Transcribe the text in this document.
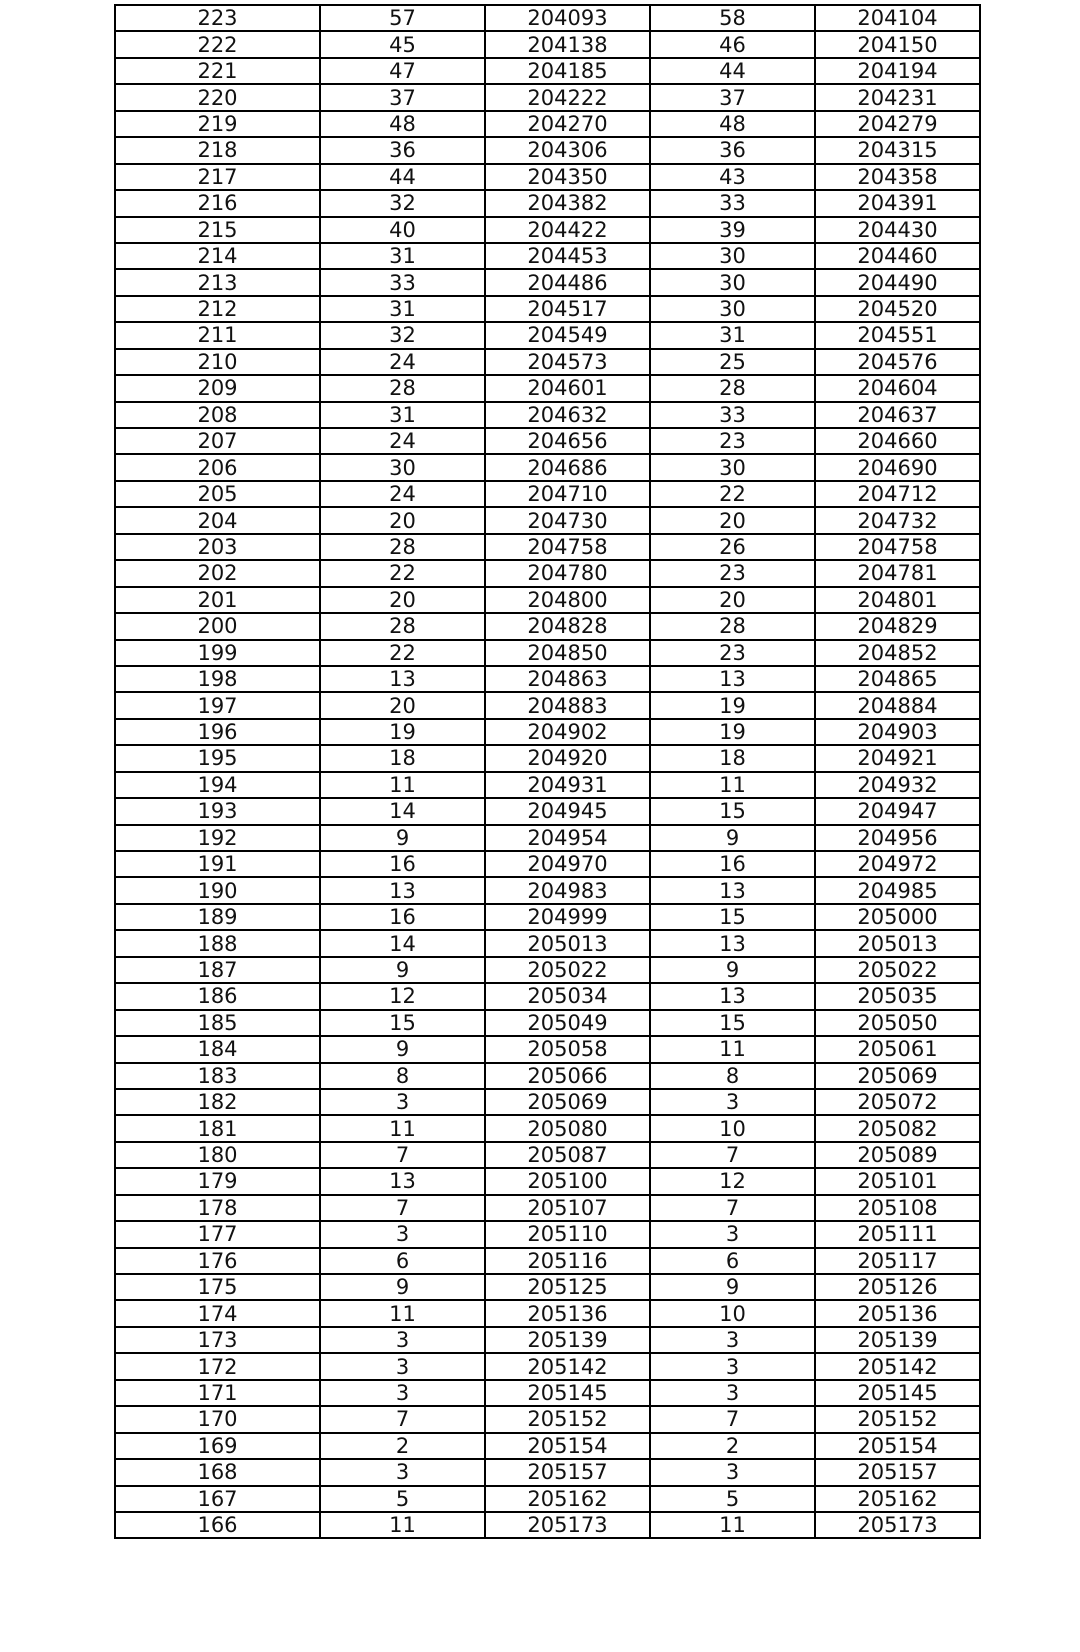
223	57	204093	58	204104
222	45	204138	46	204150
221	47	204185	44	204194
220	37	204222	37	204231
219	48	204270	48	204279
218	36	204306	36	204315
217	44	204350	43	204358
216	32	204382	33	204391
215	40	204422	39	204430
214	31	204453	30	204460
213	33	204486	30	204490
212	31	204517	30	204520
211	32	204549	31	204551
210	24	204573	25	204576
209	28	204601	28	204604
208	31	204632	33	204637
207	24	204656	23	204660
206	30	204686	30	204690
205	24	204710	22	204712
204	20	204730	20	204732
203	28	204758	26	204758
202	22	204780	23	204781
201	20	204800	20	204801
200	28	204828	28	204829
199	22	204850	23	204852
198	13	204863	13	204865
197	20	204883	19	204884
196	19	204902	19	204903
195	18	204920	18	204921
194	11	204931	11	204932
193	14	204945	15	204947
192	9	204954	9	204956
191	16	204970	16	204972
190	13	204983	13	204985
189	16	204999	15	205000
188	14	205013	13	205013
187	9	205022	9	205022
186	12	205034	13	205035
185	15	205049	15	205050
184	9	205058	11	205061
183	8	205066	8	205069
182	3	205069	3	205072
181	11	205080	10	205082
180	7	205087	7	205089
179	13	205100	12	205101
178	7	205107	7	205108
177	3	205110	3	205111
176	6	205116	6	205117
175	9	205125	9	205126
174	11	205136	10	205136
173	3	205139	3	205139
172	3	205142	3	205142
171	3	205145	3	205145
170	7	205152	7	205152
169	2	205154	2	205154
168	3	205157	3	205157
167	5	205162	5	205162
166	11	205173	11	205173
